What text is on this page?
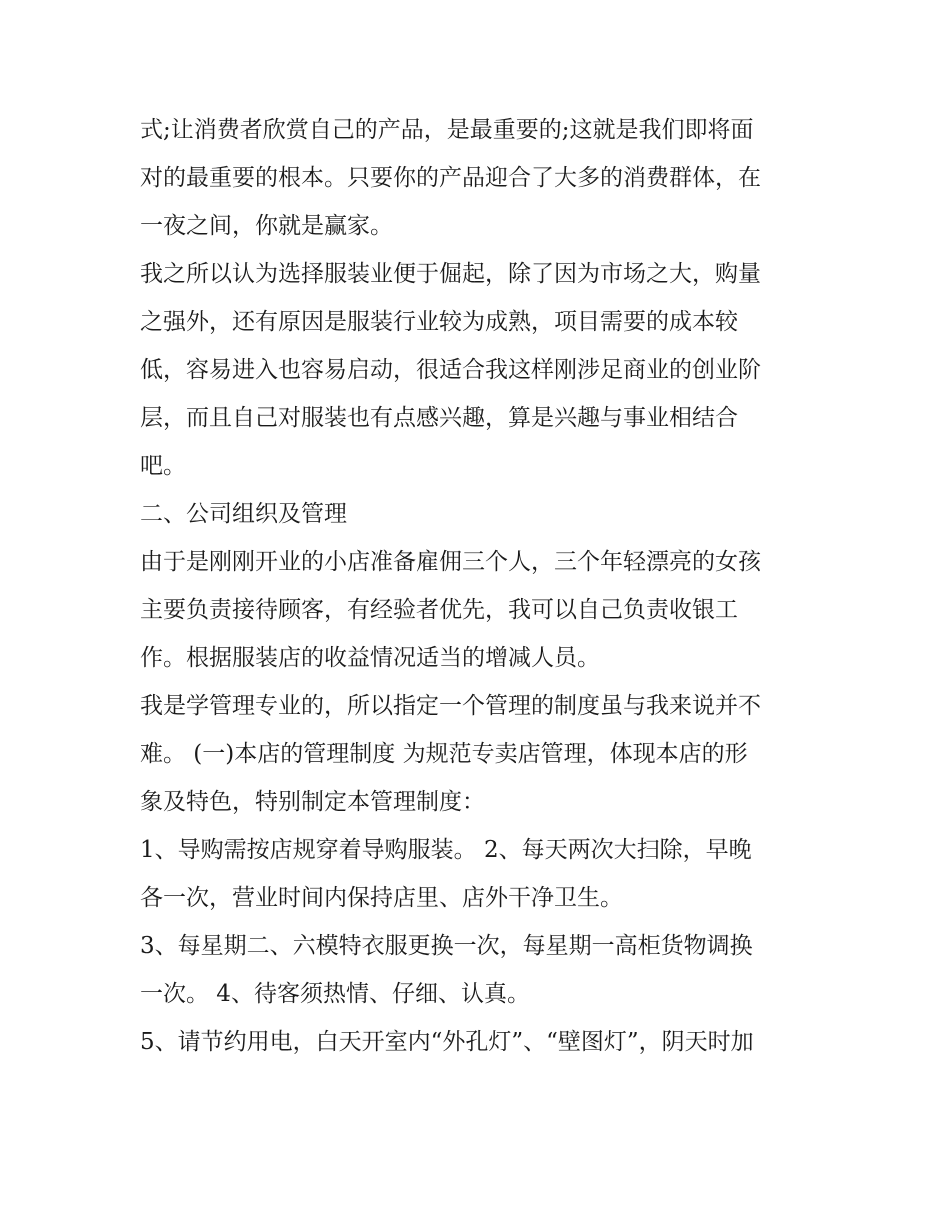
式;让消费者欣赏自己的产品，是最重要的;这就是我们即将面
对的最重要的根本。只要你的产品迎合了大多的消费群体，在
一夜之间，你就是赢家。
我之所以认为选择服装业便于倔起，除了因为市场之大，购量
之强外，还有原因是服装行业较为成熟，项目需要的成本较
低，容易进入也容易启动，很适合我这样刚涉足商业的创业阶
层，而且自己对服装也有点感兴趣，算是兴趣与事业相结合
吧。
二、公司组织及管理
由于是刚刚开业的小店准备雇佣三个人，三个年轻漂亮的女孩
主要负责接待顾客，有经验者优先，我可以自己负责收银工
作。根据服装店的收益情况适当的增减人员。
我是学管理专业的，所以指定一个管理的制度虽与我来说并不
难。 (一)本店的管理制度 为规范专卖店管理，体现本店的形
象及特色，特别制定本管理制度：
1、导购需按店规穿着导购服装。 2、每天两次大扫除，早晚
各一次，营业时间内保持店里、店外干净卫生。
3、每星期二、六模特衣服更换一次，每星期一高柜货物调换
一次。 4、待客须热情、仔细、认真。
5、请节约用电，白天开室内“外孔灯”、“壁图灯”，阴天时加
